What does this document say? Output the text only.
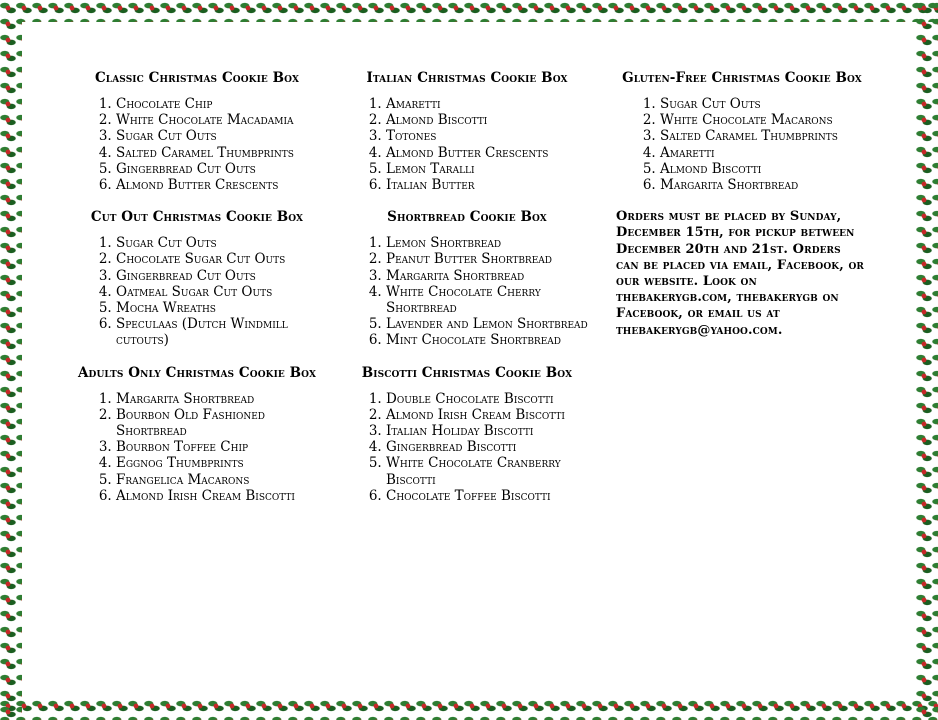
Classic Christmas Cookie Box
1. Chocolate Chip
2. White Chocolate Macadamia
3. Sugar Cut Outs
4. Salted Caramel Thumbprints
5. Gingerbread Cut Outs
6. Almond Butter Crescents
Cut Out Christmas Cookie Box
1. Sugar Cut Outs
2. Chocolate Sugar Cut Outs
3. Gingerbread Cut Outs
4. Oatmeal Sugar Cut Outs
5. Mocha Wreaths
6. Speculaas (Dutch Windmill cutouts)
Adults Only Christmas Cookie Box
1. Margarita Shortbread
2. Bourbon Old Fashioned Shortbread
3. Bourbon Toffee Chip
4. Eggnog Thumbprints
5. Frangelica Macarons
6. Almond Irish Cream Biscotti
Italian Christmas Cookie Box
1. Amaretti
2. Almond Biscotti
3. Totones
4. Almond Butter Crescents
5. Lemon Taralli
6. Italian Butter
Shortbread Cookie Box
1. Lemon Shortbread
2. Peanut Butter Shortbread
3. Margarita Shortbread
4. White Chocolate Cherry Shortbread
5. Lavender and Lemon Shortbread
6. Mint Chocolate Shortbread
Biscotti Christmas Cookie Box
1. Double Chocolate Biscotti
2. Almond Irish Cream Biscotti
3. Italian Holiday Biscotti
4. Gingerbread Biscotti
5. White Chocolate Cranberry Biscotti
6. Chocolate Toffee Biscotti
Gluten-Free Christmas Cookie Box
1. Sugar Cut Outs
2. White Chocolate Macarons
3. Salted Caramel Thumbprints
4. Amaretti
5. Almond Biscotti
6. Margarita Shortbread

Orders must be placed by Sunday, December 15th, for pickup between December 20th and 21st. Orders can be placed via email, Facebook, or our website. Look on thebakerygb.com, thebakerygb on Facebook, or email us at thebakerygb@yahoo.com.
